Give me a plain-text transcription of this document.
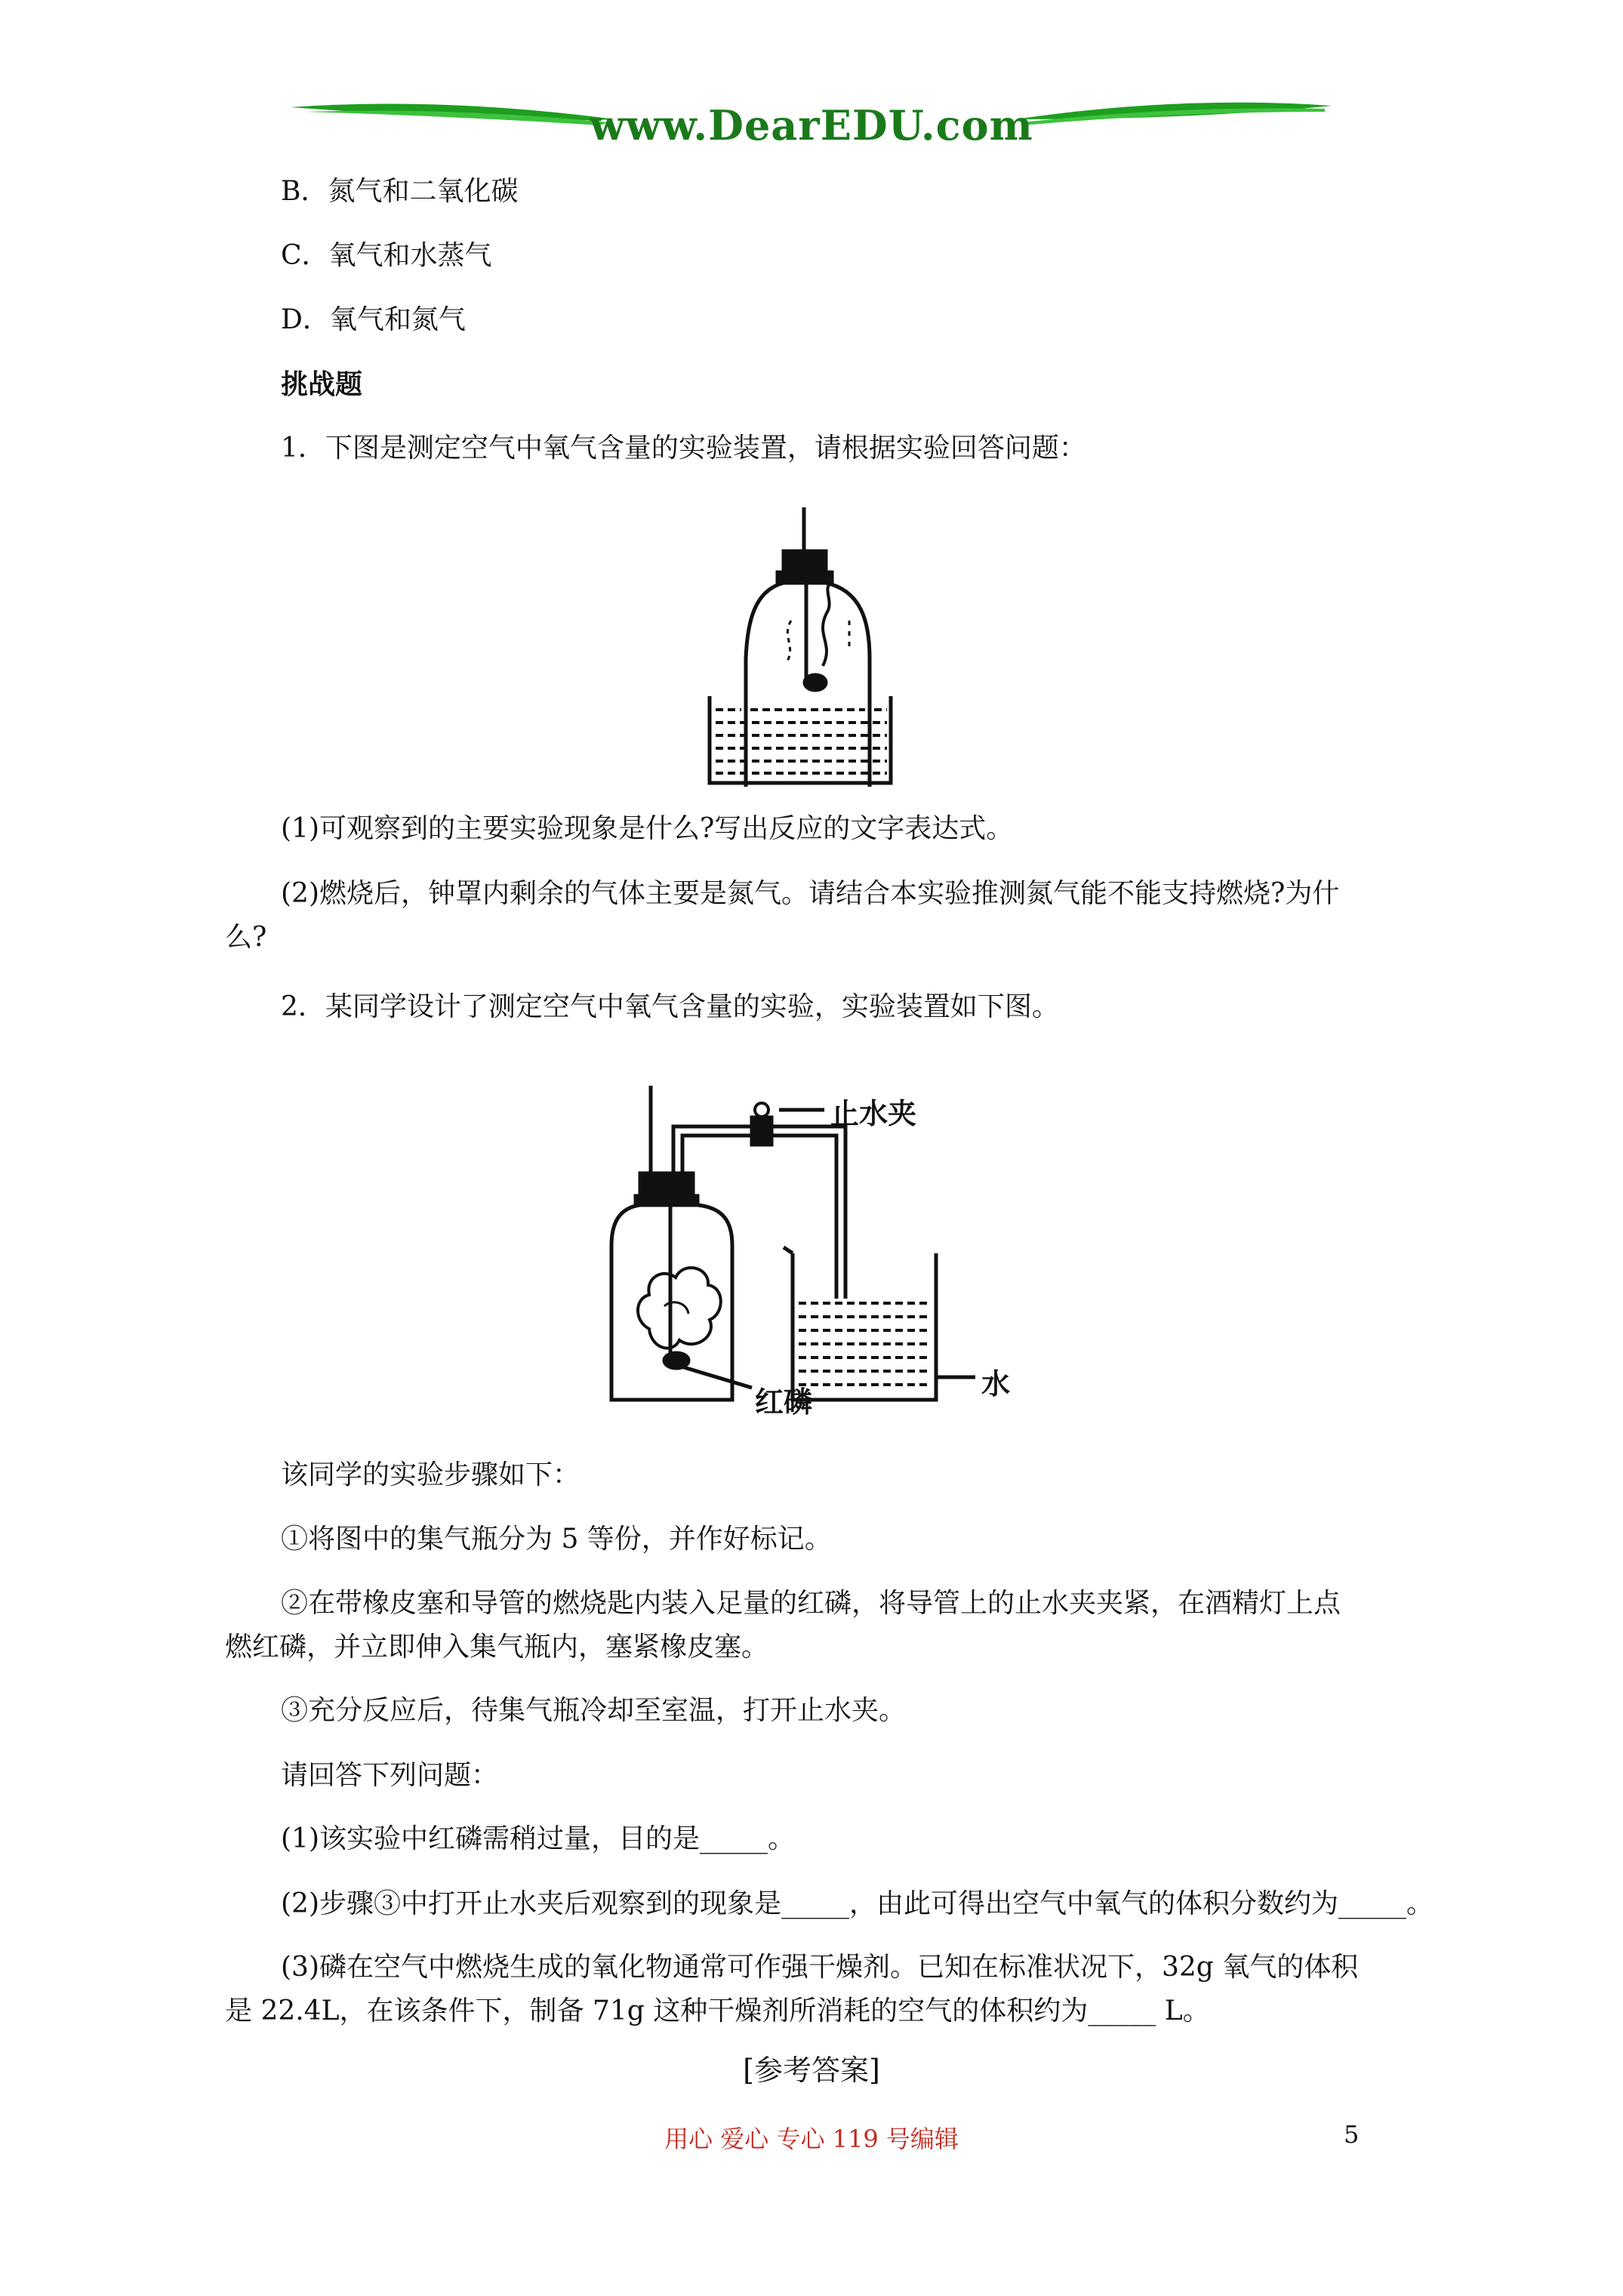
www.DearEDU.com
B．氮气和二氧化碳
C．氧气和水蒸气
D．氧气和氮气
挑战题
1．下图是测定空气中氧气含量的实验装置，请根据实验回答问题：
(1)可观察到的主要实验现象是什么?写出反应的文字表达式。
(2)燃烧后，钟罩内剩余的气体主要是氮气。请结合本实验推测氮气能不能支持燃烧?为什
么?
2．某同学设计了测定空气中氧气含量的实验，实验装置如下图。
止水夹
水
红磷
该同学的实验步骤如下：
①将图中的集气瓶分为 5 等份，并作好标记。
②在带橡皮塞和导管的燃烧匙内装入足量的红磷，将导管上的止水夹夹紧，在酒精灯上点
燃红磷，并立即伸入集气瓶内，塞紧橡皮塞。
③充分反应后，待集气瓶冷却至室温，打开止水夹。
请回答下列问题：
(1)该实验中红磷需稍过量，目的是_____。
(2)步骤③中打开止水夹后观察到的现象是_____，由此可得出空气中氧气的体积分数约为_____。
(3)磷在空气中燃烧生成的氧化物通常可作强干燥剂。已知在标准状况下，32g 氧气的体积
是 22.4L，在该条件下，制备 71g 这种干燥剂所消耗的空气的体积约为_____ L。
[参考答案]
用心 爱心 专心 119 号编辑	5
